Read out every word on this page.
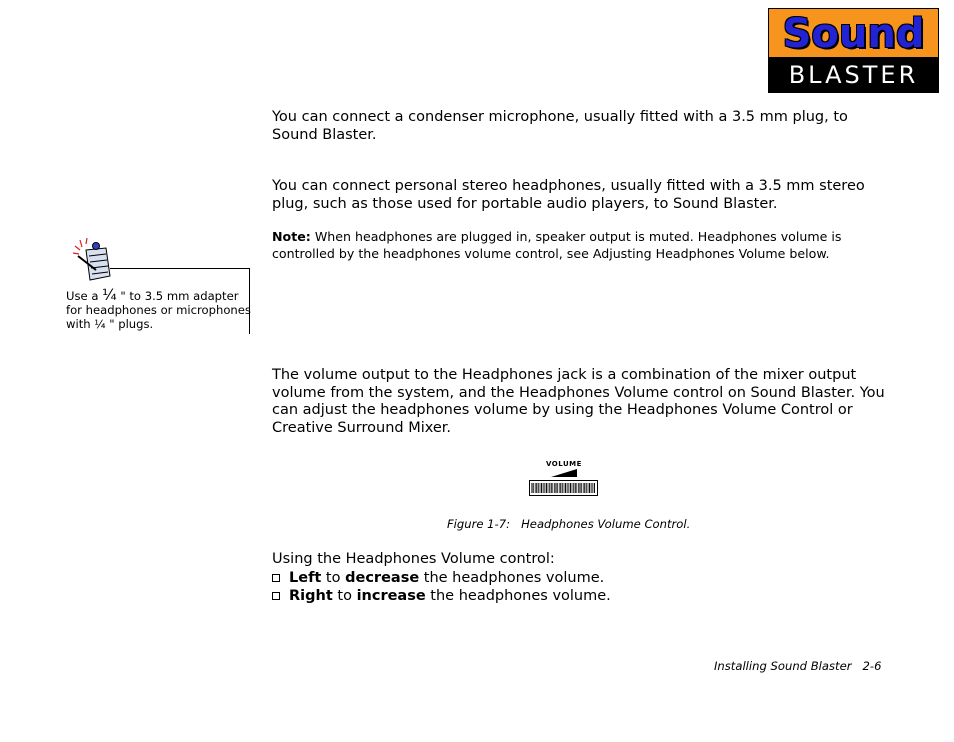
Sound
BLASTER
You can connect a condenser microphone, usually fitted with a 3.5 mm plug, to Sound Blaster.
You can connect personal stereo headphones, usually fitted with a 3.5 mm stereo plug, such as those used for portable audio players, to Sound Blaster.
Note: When headphones are plugged in, speaker output is muted. Headphones volume is controlled by the headphones volume control, see Adjusting Headphones Volume below.
Use a ¼ " to 3.5 mm adapter for headphones or microphones with ¼ " plugs.
The volume output to the Headphones jack is a combination of the mixer output volume from the system, and the Headphones Volume control on Sound Blaster. You can adjust the headphones volume by using the Headphones Volume Control or Creative Surround Mixer.
VOLUME
Figure 1-7: Headphones Volume Control.
Using the Headphones Volume control:
Left to decrease the headphones volume.
Right to increase the headphones volume.
Installing Sound Blaster 2-6
